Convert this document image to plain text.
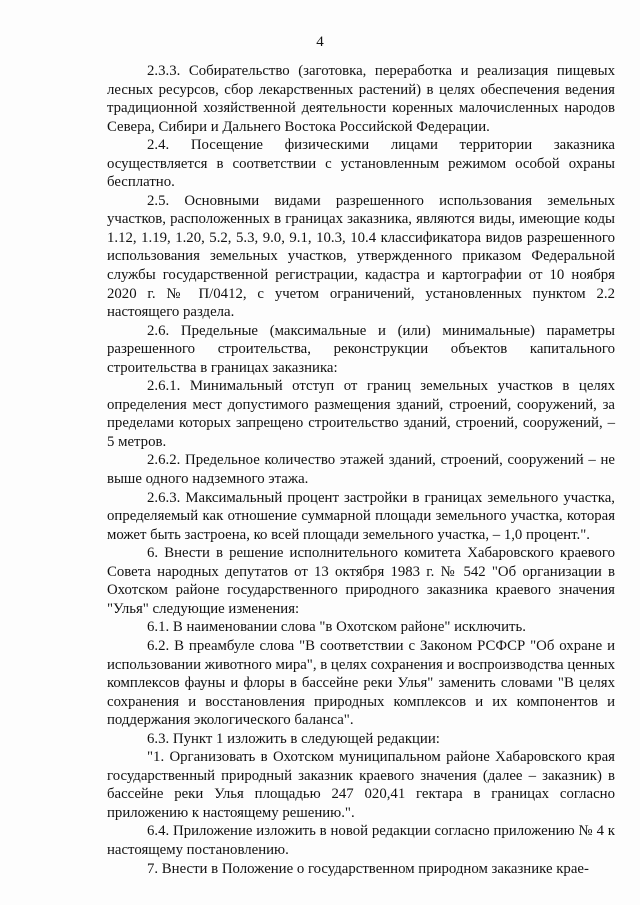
4

2.3.3. Собирательство (заготовка, переработка и реализация пищевых лесных ресурсов, сбор лекарственных растений) в целях обеспечения ведения традиционной хозяйственной деятельности коренных малочисленных народов Севера, Сибири и Дальнего Востока Российской Федерации.

2.4. Посещение физическими лицами территории заказника осуществляется в соответствии с установленным режимом особой охраны бесплатно.

2.5. Основными видами разрешенного использования земельных участков, расположенных в границах заказника, являются виды, имеющие коды 1.12, 1.19, 1.20, 5.2, 5.3, 9.0, 9.1, 10.3, 10.4 классификатора видов разрешенного использования земельных участков, утвержденного приказом Федеральной службы государственной регистрации, кадастра и картографии от 10 ноября 2020 г. № П/0412, с учетом ограничений, установленных пунктом 2.2 настоящего раздела.

2.6. Предельные (максимальные и (или) минимальные) параметры разрешенного строительства, реконструкции объектов капитального строительства в границах заказника:

2.6.1. Минимальный отступ от границ земельных участков в целях определения мест допустимого размещения зданий, строений, сооружений, за пределами которых запрещено строительство зданий, строений, сооружений, – 5 метров.

2.6.2. Предельное количество этажей зданий, строений, сооружений – не выше одного надземного этажа.

2.6.3. Максимальный процент застройки в границах земельного участка, определяемый как отношение суммарной площади земельного участка, которая может быть застроена, ко всей площади земельного участка, – 1,0 процент.".

6. Внести в решение исполнительного комитета Хабаровского краевого Совета народных депутатов от 13 октября 1983 г. № 542 "Об организации в Охотском районе государственного природного заказника краевого значения "Улья" следующие изменения:

6.1. В наименовании слова "в Охотском районе" исключить.

6.2. В преамбуле слова "В соответствии с Законом РСФСР "Об охране и использовании животного мира", в целях сохранения и воспроизводства ценных комплексов фауны и флоры в бассейне реки Улья" заменить словами "В целях сохранения и восстановления природных комплексов и их компонентов и поддержания экологического баланса".

6.3. Пункт 1 изложить в следующей редакции:

"1. Организовать в Охотском муниципальном районе Хабаровского края государственный природный заказник краевого значения (далее – заказник) в бассейне реки Улья площадью 247 020,41 гектара в границах согласно приложению к настоящему решению.".

6.4. Приложение изложить в новой редакции согласно приложению № 4 к настоящему постановлению.

7. Внести в Положение о государственном природном заказнике крае-
